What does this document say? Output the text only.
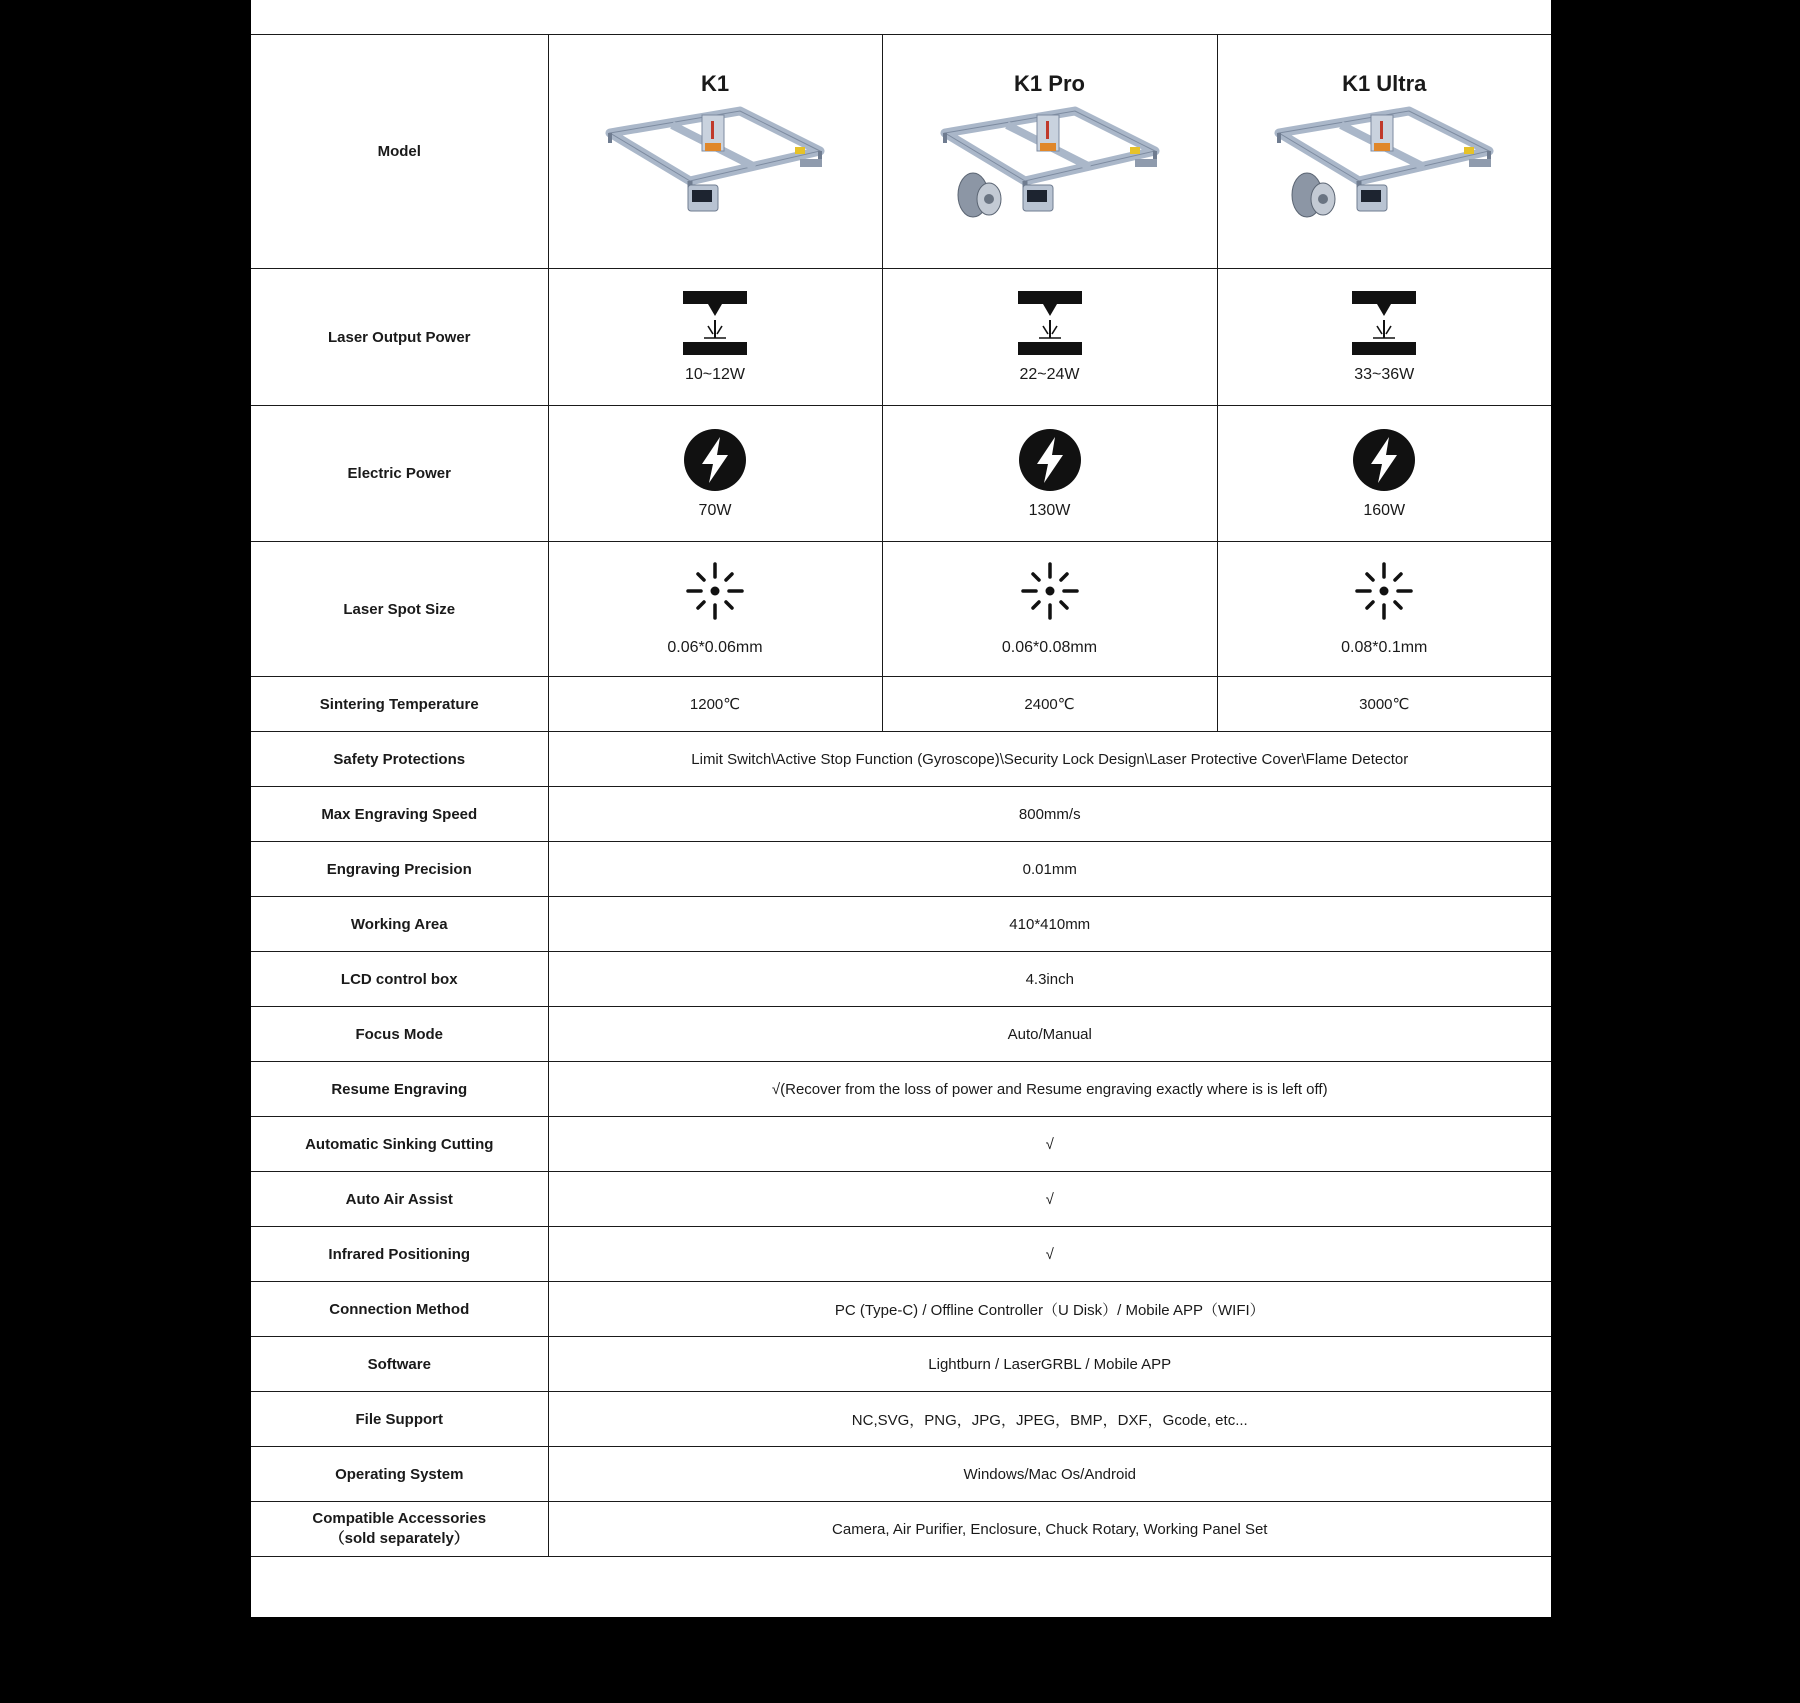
Model	K1	K1 Pro	K1 Ultra

Laser Output Power	10~12W	22~24W	33~36W

Electric Power	70W	130W	160W

Laser Spot Size	0.06*0.06mm	0.06*0.08mm	0.08*0.1mm

Sintering Temperature	1200℃	2400℃	3000℃
Safety Protections	Limit Switch\Active Stop Function (Gyroscope)\Security Lock Design\Laser Protective Cover\Flame Detector		
Max Engraving Speed	800mm/s		
Engraving Precision	0.01mm		
Working Area	410*410mm		
LCD control box	4.3inch		
Focus Mode	Auto/Manual		
Resume Engraving	√(Recover from the loss of power and Resume engraving exactly where is is left off)		
Automatic Sinking Cutting	√		
Auto Air Assist	√		
Infrared Positioning	√		
Connection Method	PC (Type-C) / Offline Controller（U Disk）/ Mobile APP（WIFI）		
Software	Lightburn / LaserGRBL / Mobile APP		
File Support	NC,SVG，PNG，JPG，JPEG，BMP，DXF，Gcode, etc...		
Operating System	Windows/Mac Os/Android		

Compatible Accessories
（sold separately）	Camera, Air Purifier, Enclosure, Chuck Rotary, Working Panel Set		
